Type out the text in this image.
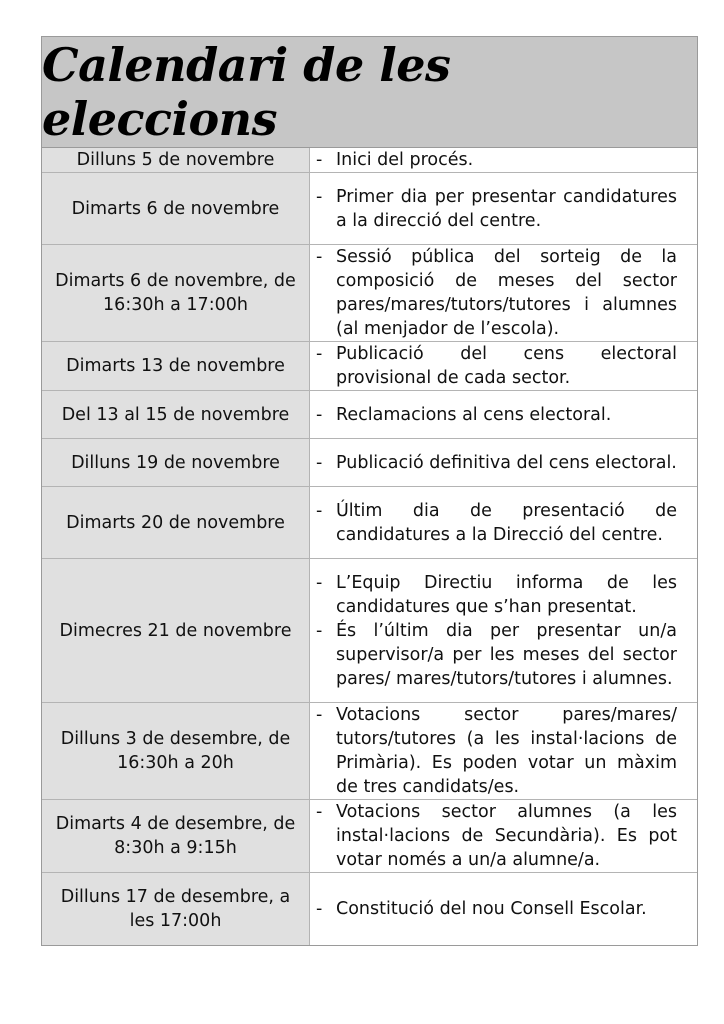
Calendari de les eleccions
Dilluns 5 de novembre	- Inici del procés.

Dimarts 6 de novembre	- Primer dia per presentar candidatures a la direcció del centre.

Dimarts 6 de novembre, de 16:30h a 17:00h	- Sessió pública del sorteig de la composició de meses del sector pares/mares/tutors/tutores i alumnes (al menjador de l’escola).

Dimarts 13 de novembre	- Publicació del cens electoral provisional de cada sector.

Del 13 al 15 de novembre	- Reclamacions al cens electoral.

Dilluns 19 de novembre	- Publicació definitiva del cens electoral.

Dimarts 20 de novembre	- Últim dia de presentació de candidatures a la Direcció del centre.

Dimecres 21 de novembre	- L’Equip Directiu informa de les candidatures que s’han presentat.
- És l’últim dia per presentar un/a supervisor/a per les meses del sector pares/ mares/tutors/tutores i alumnes.

Dilluns 3 de desembre, de 16:30h a 20h	- Votacions sector pares/mares/ tutors/tutores (a les instal·lacions de Primària). Es poden votar un màxim de tres candidats/es.

Dimarts 4 de desembre, de 8:30h a 9:15h	- Votacions sector alumnes (a les instal·lacions de Secundària). Es pot votar només a un/a alumne/a.

Dilluns 17 de desembre, a les 17:00h	- Constitució del nou Consell Escolar.
